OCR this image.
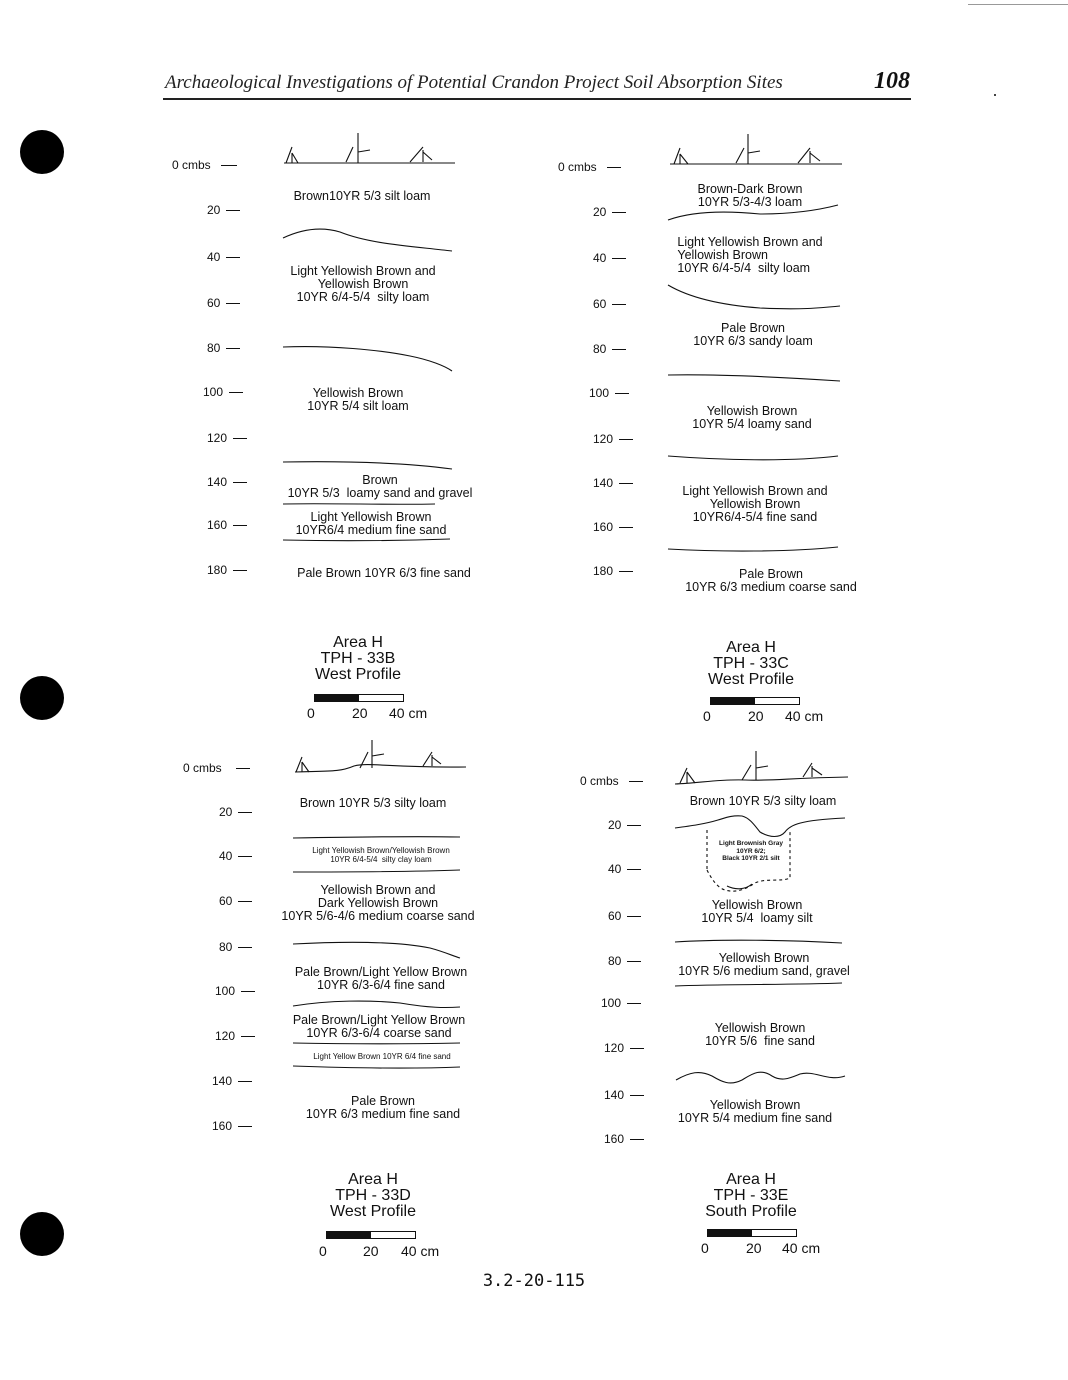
Archaeological Investigations of Potential Crandon Project Soil Absorption Sites	108
0 cmbs
20
40
60
80
100
120
140
160
180
Brown10YR 5/3 silt loam
Light Yellowish Brown and
Yellowish Brown
10YR 6/4-5/4  silty loam
Yellowish Brown
10YR 5/4 silt loam
Brown
10YR 5/3  loamy sand and gravel
Light Yellowish Brown
10YR6/4 medium fine sand
Pale Brown 10YR 6/3 fine sand
Area H
TPH - 33B
West Profile
0	20 40 cm
0 cmbs
20
40
60
80
100
120
140
160
180
Brown-Dark Brown
10YR 5/3-4/3 loam
Light Yellowish Brown and
Yellowish Brown
10YR 6/4-5/4  silty loam
Pale Brown
10YR 6/3 sandy loam
Yellowish Brown
10YR 5/4 loamy sand
Light Yellowish Brown and
Yellowish Brown
10YR6/4-5/4 fine sand
Pale Brown
10YR 6/3 medium coarse sand
Area H
TPH - 33C
West Profile
0	20 40 cm
0 cmbs
20
40
60
80
100
120
140
160
Brown 10YR 5/3 silty loam
Light Yellowish Brown/Yellowish Brown
10YR 6/4-5/4  silty clay loam
Yellowish Brown and
Dark Yellowish Brown
10YR 5/6-4/6 medium coarse sand
Pale Brown/Light Yellow Brown
10YR 6/3-6/4 fine sand
Pale Brown/Light Yellow Brown
10YR 6/3-6/4 coarse sand
Light Yellow Brown 10YR 6/4 fine sand
Pale Brown
10YR 6/3 medium fine sand
Area H
TPH - 33D
West Profile
0	20 40 cm
0 cmbs
20
40
60
80
100
120
140
160
Brown 10YR 5/3 silty loam
Light Brownish Gray
10YR 6/2;
Black 10YR 2/1 silt
Yellowish Brown
10YR 5/4  loamy silt
Yellowish Brown
10YR 5/6 medium sand, gravel
Yellowish Brown
10YR 5/6  fine sand
Yellowish Brown
10YR 5/4 medium fine sand
Area H
TPH - 33E
South Profile
0	20 40 cm
3.2-20-115
